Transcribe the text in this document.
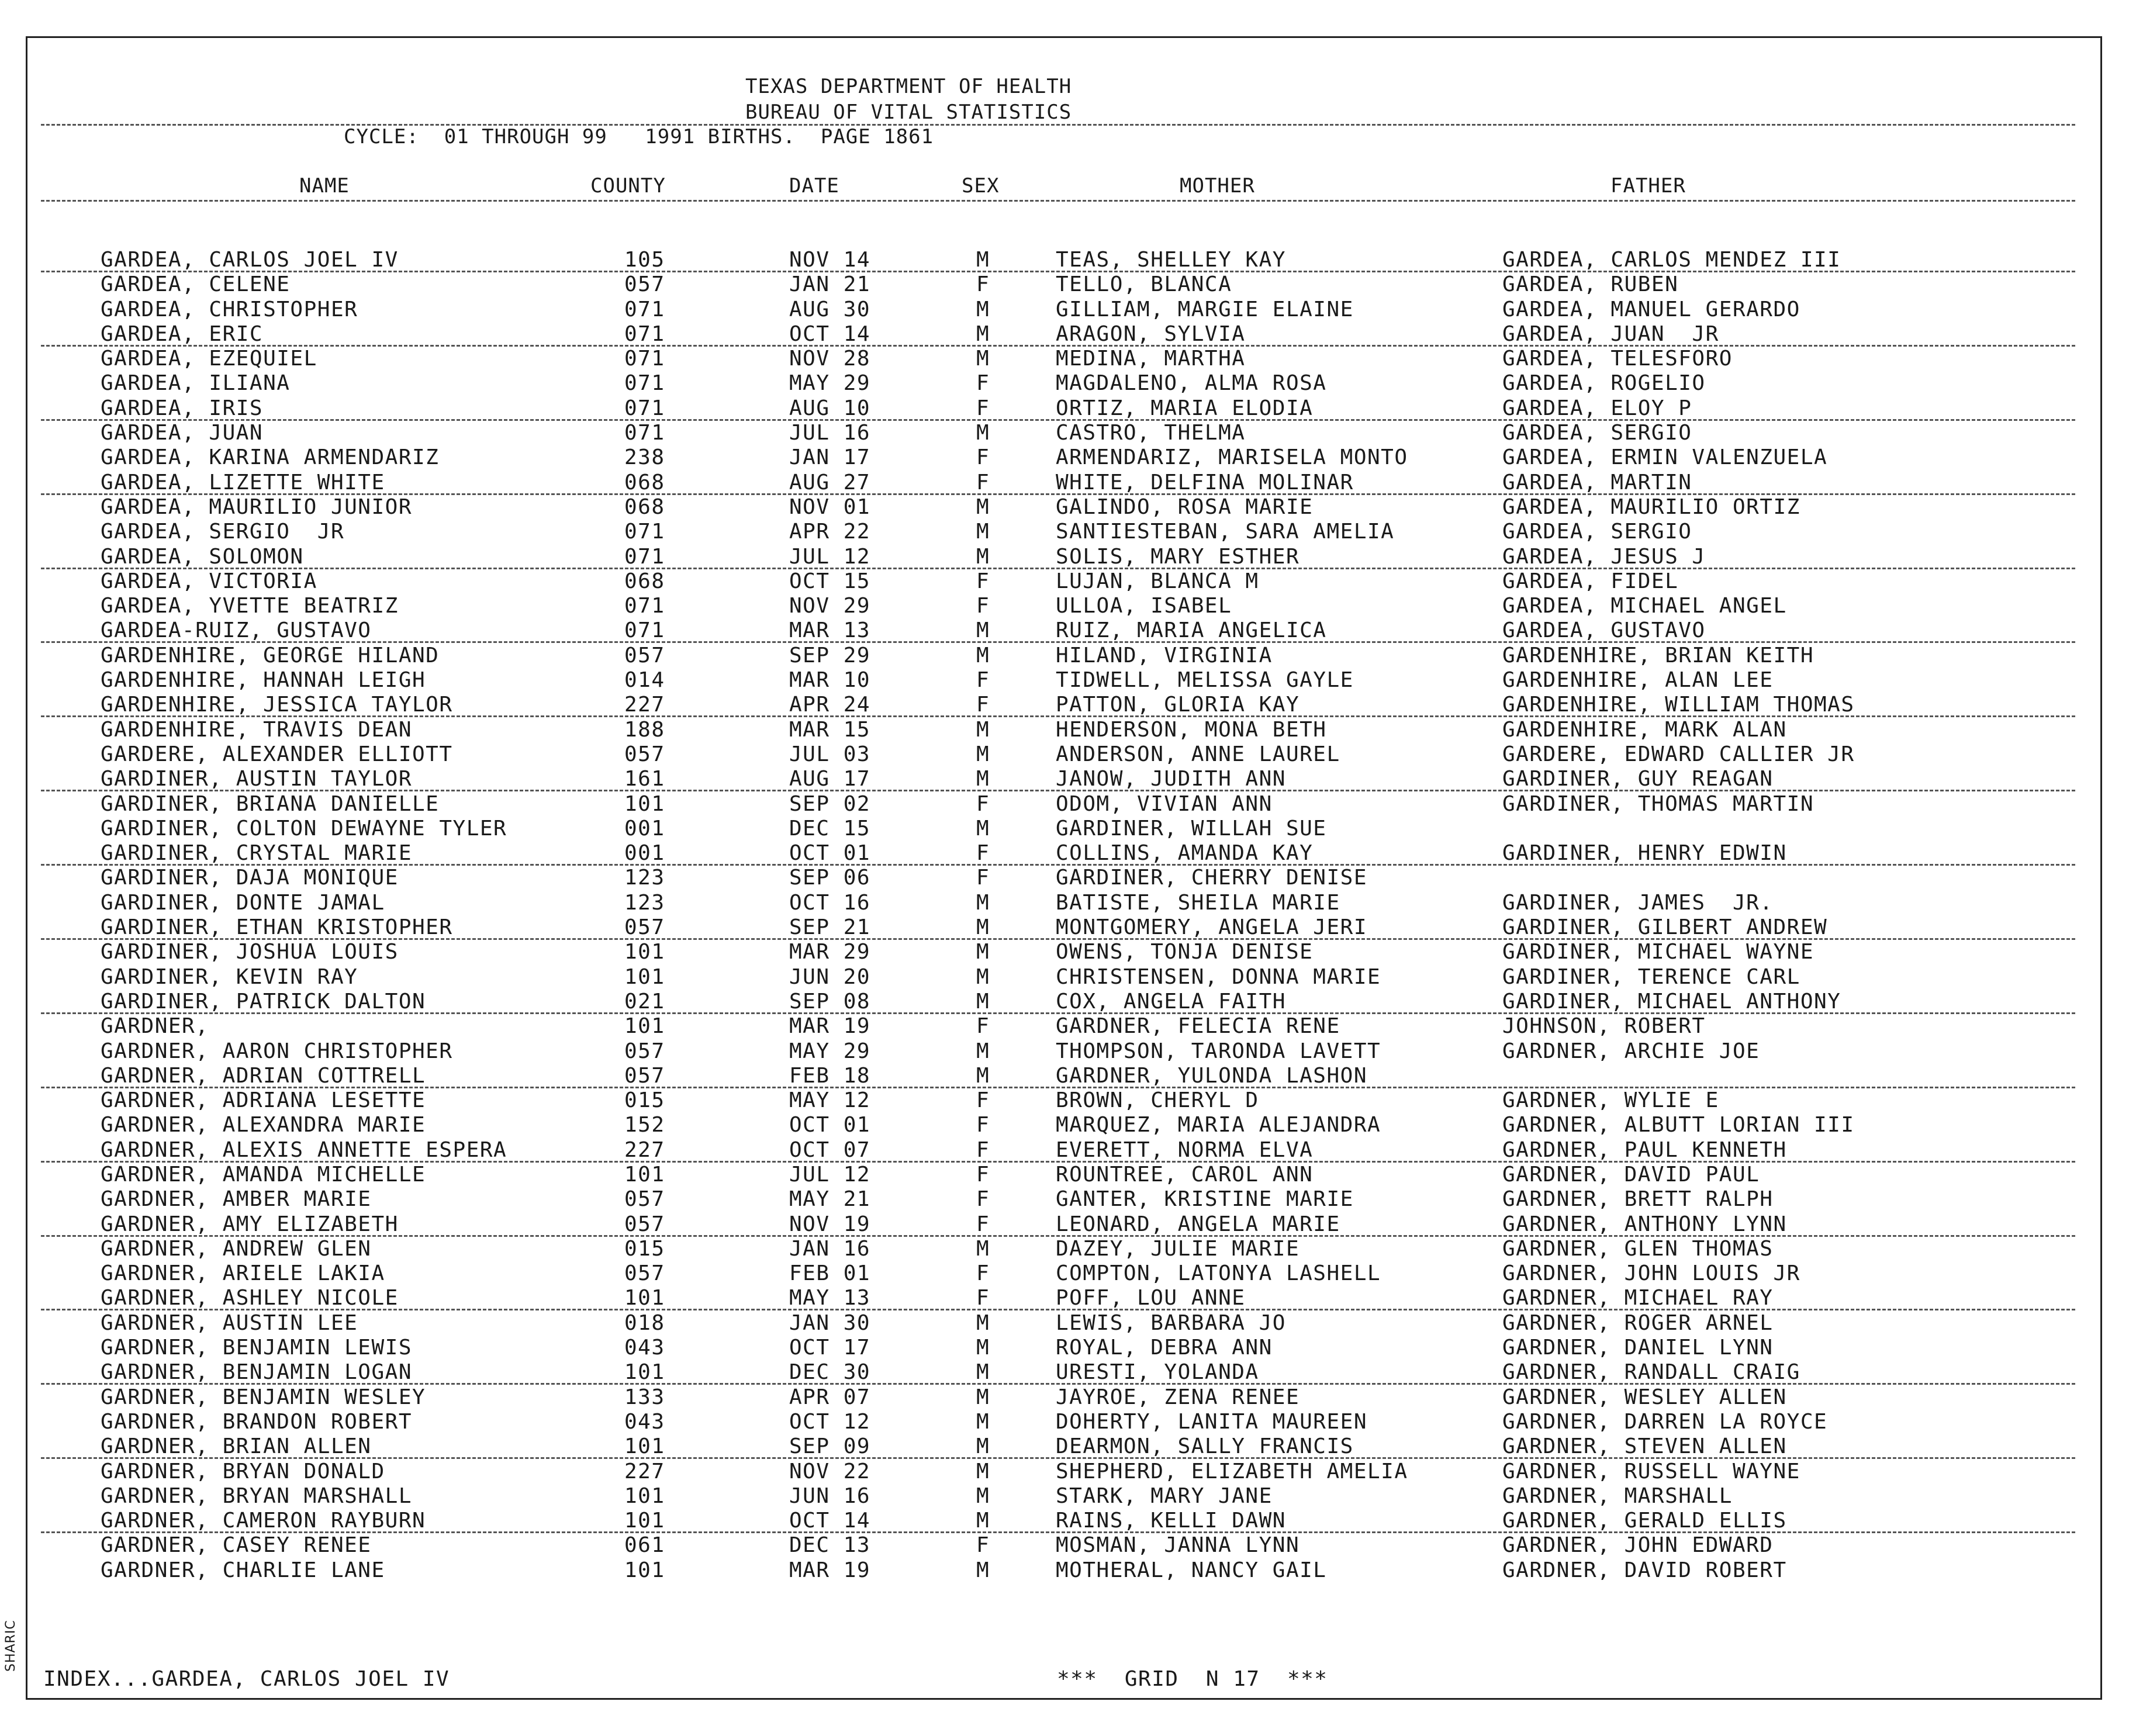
TEXAS DEPARTMENT OF HEALTH
BUREAU OF VITAL STATISTICS
CYCLE:  01 THROUGH 99   1991 BIRTHS.  PAGE 1861
NAME	COUNTY	DATE	SEX	MOTHER	FATHER
GARDEA, CARLOS JOEL IV	105	NOV 14	M	TEAS, SHELLEY KAY	GARDEA, CARLOS MENDEZ III
GARDEA, CELENE	057	JAN 21	F	TELLO, BLANCA	GARDEA, RUBEN
GARDEA, CHRISTOPHER	071	AUG 30	M	GILLIAM, MARGIE ELAINE	GARDEA, MANUEL GERARDO
GARDEA, ERIC	071	OCT 14	M	ARAGON, SYLVIA	GARDEA, JUAN  JR
GARDEA, EZEQUIEL	071	NOV 28	M	MEDINA, MARTHA	GARDEA, TELESFORO
GARDEA, ILIANA	071	MAY 29	F	MAGDALENO, ALMA ROSA	GARDEA, ROGELIO
GARDEA, IRIS	071	AUG 10	F	ORTIZ, MARIA ELODIA	GARDEA, ELOY P
GARDEA, JUAN	071	JUL 16	M	CASTRO, THELMA	GARDEA, SERGIO
GARDEA, KARINA ARMENDARIZ	238	JAN 17	F	ARMENDARIZ, MARISELA MONTO	GARDEA, ERMIN VALENZUELA
GARDEA, LIZETTE WHITE	068	AUG 27	F	WHITE, DELFINA MOLINAR	GARDEA, MARTIN
GARDEA, MAURILIO JUNIOR	068	NOV 01	M	GALINDO, ROSA MARIE	GARDEA, MAURILIO ORTIZ
GARDEA, SERGIO  JR	071	APR 22	M	SANTIESTEBAN, SARA AMELIA	GARDEA, SERGIO
GARDEA, SOLOMON	071	JUL 12	M	SOLIS, MARY ESTHER	GARDEA, JESUS J
GARDEA, VICTORIA	068	OCT 15	F	LUJAN, BLANCA M	GARDEA, FIDEL
GARDEA, YVETTE BEATRIZ	071	NOV 29	F	ULLOA, ISABEL	GARDEA, MICHAEL ANGEL
GARDEA-RUIZ, GUSTAVO	071	MAR 13	M	RUIZ, MARIA ANGELICA	GARDEA, GUSTAVO
GARDENHIRE, GEORGE HILAND	057	SEP 29	M	HILAND, VIRGINIA	GARDENHIRE, BRIAN KEITH
GARDENHIRE, HANNAH LEIGH	014	MAR 10	F	TIDWELL, MELISSA GAYLE	GARDENHIRE, ALAN LEE
GARDENHIRE, JESSICA TAYLOR	227	APR 24	F	PATTON, GLORIA KAY	GARDENHIRE, WILLIAM THOMAS
GARDENHIRE, TRAVIS DEAN	188	MAR 15	M	HENDERSON, MONA BETH	GARDENHIRE, MARK ALAN
GARDERE, ALEXANDER ELLIOTT	057	JUL 03	M	ANDERSON, ANNE LAUREL	GARDERE, EDWARD CALLIER JR
GARDINER, AUSTIN TAYLOR	161	AUG 17	M	JANOW, JUDITH ANN	GARDINER, GUY REAGAN
GARDINER, BRIANA DANIELLE	101	SEP 02	F	ODOM, VIVIAN ANN	GARDINER, THOMAS MARTIN
GARDINER, COLTON DEWAYNE TYLER	001	DEC 15	M	GARDINER, WILLAH SUE
GARDINER, CRYSTAL MARIE	001	OCT 01	F	COLLINS, AMANDA KAY	GARDINER, HENRY EDWIN
GARDINER, DAJA MONIQUE	123	SEP 06	F	GARDINER, CHERRY DENISE
GARDINER, DONTE JAMAL	123	OCT 16	M	BATISTE, SHEILA MARIE	GARDINER, JAMES  JR.
GARDINER, ETHAN KRISTOPHER	057	SEP 21	M	MONTGOMERY, ANGELA JERI	GARDINER, GILBERT ANDREW
GARDINER, JOSHUA LOUIS	101	MAR 29	M	OWENS, TONJA DENISE	GARDINER, MICHAEL WAYNE
GARDINER, KEVIN RAY	101	JUN 20	M	CHRISTENSEN, DONNA MARIE	GARDINER, TERENCE CARL
GARDINER, PATRICK DALTON	021	SEP 08	M	COX, ANGELA FAITH	GARDINER, MICHAEL ANTHONY
GARDNER,	101	MAR 19	F	GARDNER, FELECIA RENE	JOHNSON, ROBERT
GARDNER, AARON CHRISTOPHER	057	MAY 29	M	THOMPSON, TARONDA LAVETT	GARDNER, ARCHIE JOE
GARDNER, ADRIAN COTTRELL	057	FEB 18	M	GARDNER, YULONDA LASHON
GARDNER, ADRIANA LESETTE	015	MAY 12	F	BROWN, CHERYL D	GARDNER, WYLIE E
GARDNER, ALEXANDRA MARIE	152	OCT 01	F	MARQUEZ, MARIA ALEJANDRA	GARDNER, ALBUTT LORIAN III
GARDNER, ALEXIS ANNETTE ESPERA	227	OCT 07	F	EVERETT, NORMA ELVA	GARDNER, PAUL KENNETH
GARDNER, AMANDA MICHELLE	101	JUL 12	F	ROUNTREE, CAROL ANN	GARDNER, DAVID PAUL
GARDNER, AMBER MARIE	057	MAY 21	F	GANTER, KRISTINE MARIE	GARDNER, BRETT RALPH
GARDNER, AMY ELIZABETH	057	NOV 19	F	LEONARD, ANGELA MARIE	GARDNER, ANTHONY LYNN
GARDNER, ANDREW GLEN	015	JAN 16	M	DAZEY, JULIE MARIE	GARDNER, GLEN THOMAS
GARDNER, ARIELE LAKIA	057	FEB 01	F	COMPTON, LATONYA LASHELL	GARDNER, JOHN LOUIS JR
GARDNER, ASHLEY NICOLE	101	MAY 13	F	POFF, LOU ANNE	GARDNER, MICHAEL RAY
GARDNER, AUSTIN LEE	018	JAN 30	M	LEWIS, BARBARA JO	GARDNER, ROGER ARNEL
GARDNER, BENJAMIN LEWIS	043	OCT 17	M	ROYAL, DEBRA ANN	GARDNER, DANIEL LYNN
GARDNER, BENJAMIN LOGAN	101	DEC 30	M	URESTI, YOLANDA	GARDNER, RANDALL CRAIG
GARDNER, BENJAMIN WESLEY	133	APR 07	M	JAYROE, ZENA RENEE	GARDNER, WESLEY ALLEN
GARDNER, BRANDON ROBERT	043	OCT 12	M	DOHERTY, LANITA MAUREEN	GARDNER, DARREN LA ROYCE
GARDNER, BRIAN ALLEN	101	SEP 09	M	DEARMON, SALLY FRANCIS	GARDNER, STEVEN ALLEN
GARDNER, BRYAN DONALD	227	NOV 22	M	SHEPHERD, ELIZABETH AMELIA	GARDNER, RUSSELL WAYNE
GARDNER, BRYAN MARSHALL	101	JUN 16	M	STARK, MARY JANE	GARDNER, MARSHALL
GARDNER, CAMERON RAYBURN	101	OCT 14	M	RAINS, KELLI DAWN	GARDNER, GERALD ELLIS
GARDNER, CASEY RENEE	061	DEC 13	F	MOSMAN, JANNA LYNN	GARDNER, JOHN EDWARD
GARDNER, CHARLIE LANE	101	MAR 19	M	MOTHERAL, NANCY GAIL	GARDNER, DAVID ROBERT
INDEX...GARDEA, CARLOS JOEL IV	***  GRID  N 17  ***
SHARIC
